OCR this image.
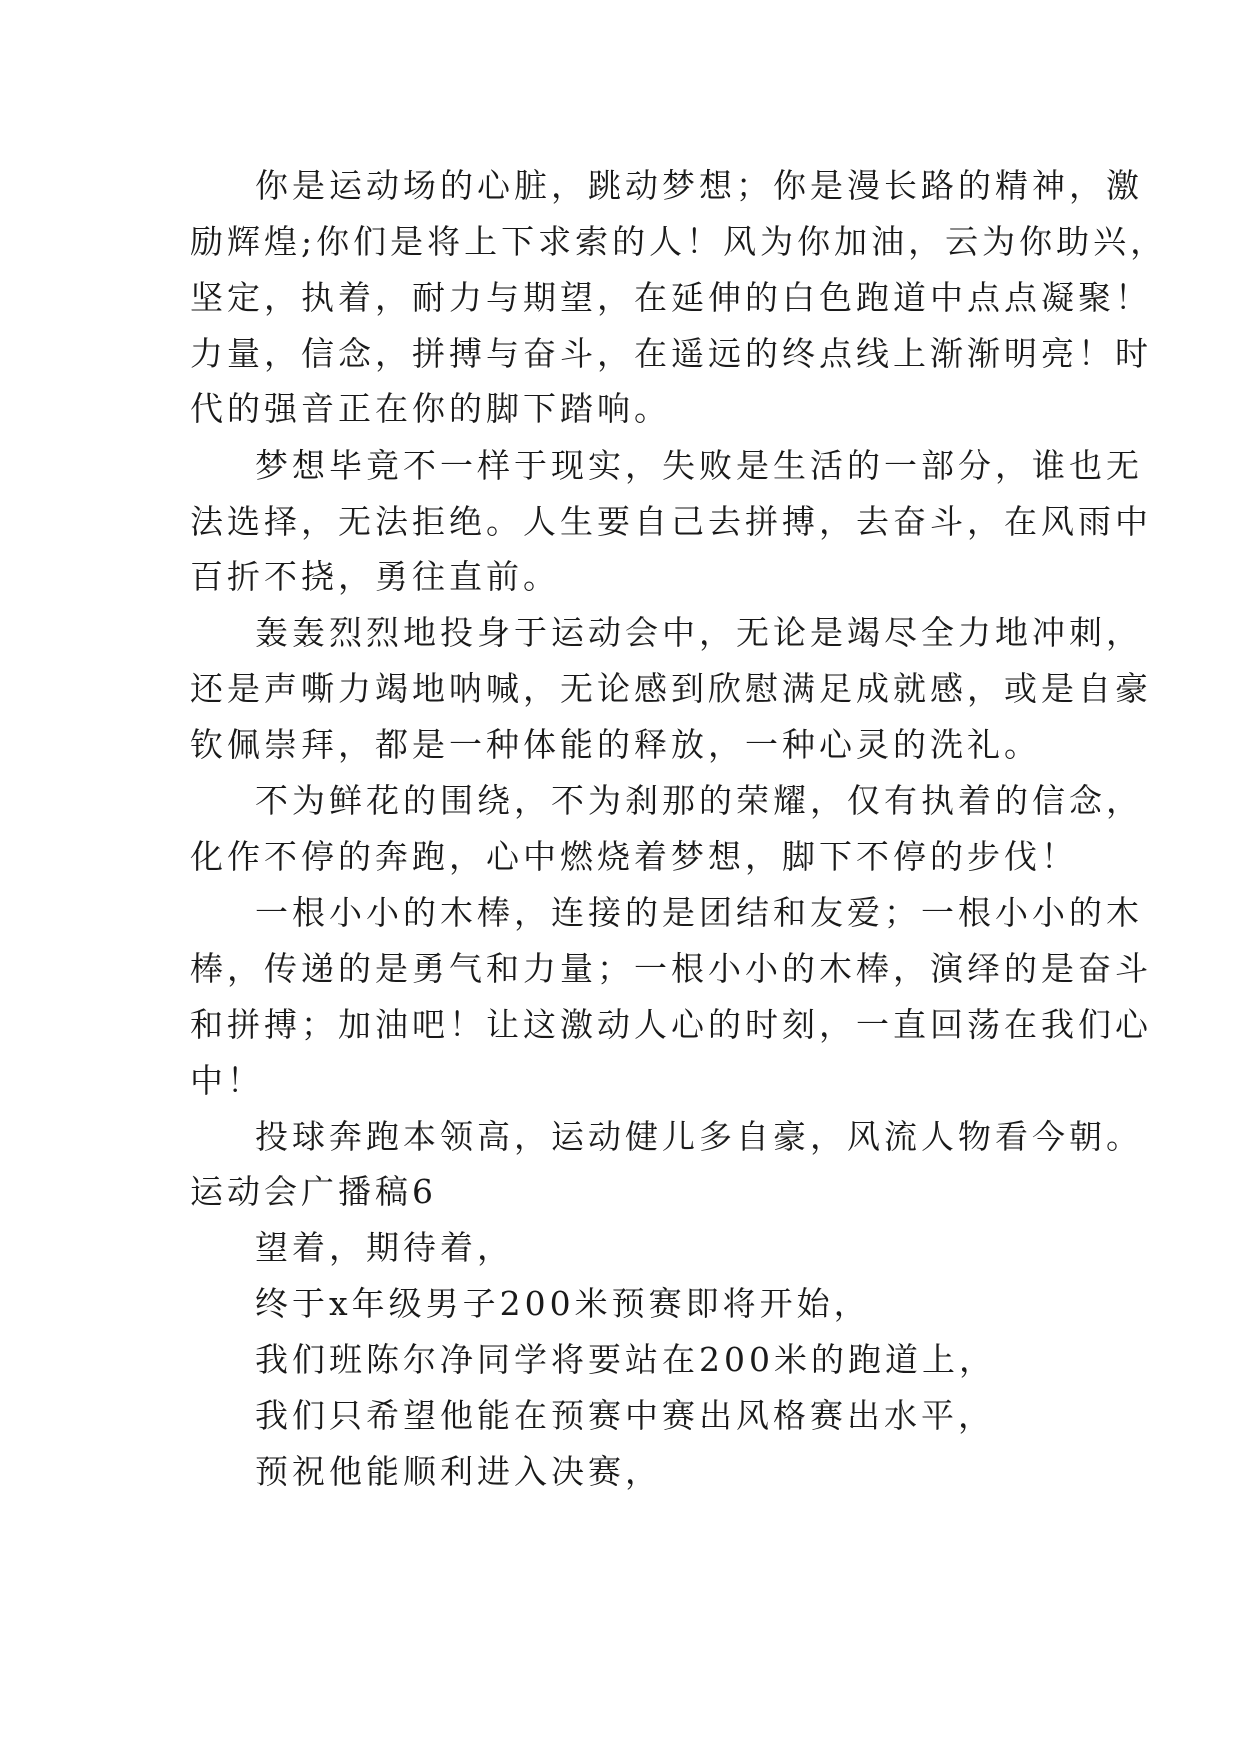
你是运动场的心脏，跳动梦想；你是漫长路的精神，激
励辉煌;你们是将上下求索的人！风为你加油，云为你助兴，
坚定，执着，耐力与期望，在延伸的白色跑道中点点凝聚！
力量，信念，拼搏与奋斗，在遥远的终点线上渐渐明亮！时
代的强音正在你的脚下踏响。
梦想毕竟不一样于现实，失败是生活的一部分，谁也无
法选择，无法拒绝。人生要自己去拼搏，去奋斗，在风雨中
百折不挠，勇往直前。
轰轰烈烈地投身于运动会中，无论是竭尽全力地冲刺，
还是声嘶力竭地呐喊，无论感到欣慰满足成就感，或是自豪
钦佩崇拜，都是一种体能的释放，一种心灵的洗礼。
不为鲜花的围绕，不为刹那的荣耀，仅有执着的信念，
化作不停的奔跑，心中燃烧着梦想，脚下不停的步伐！
一根小小的木棒，连接的是团结和友爱；一根小小的木
棒，传递的是勇气和力量；一根小小的木棒，演绎的是奋斗
和拼搏；加油吧！让这激动人心的时刻，一直回荡在我们心
中！
投球奔跑本领高，运动健儿多自豪，风流人物看今朝。
运动会广播稿6
望着，期待着，
终于x年级男子200米预赛即将开始，
我们班陈尔净同学将要站在200米的跑道上，
我们只希望他能在预赛中赛出风格赛出水平，
预祝他能顺利进入决赛，
